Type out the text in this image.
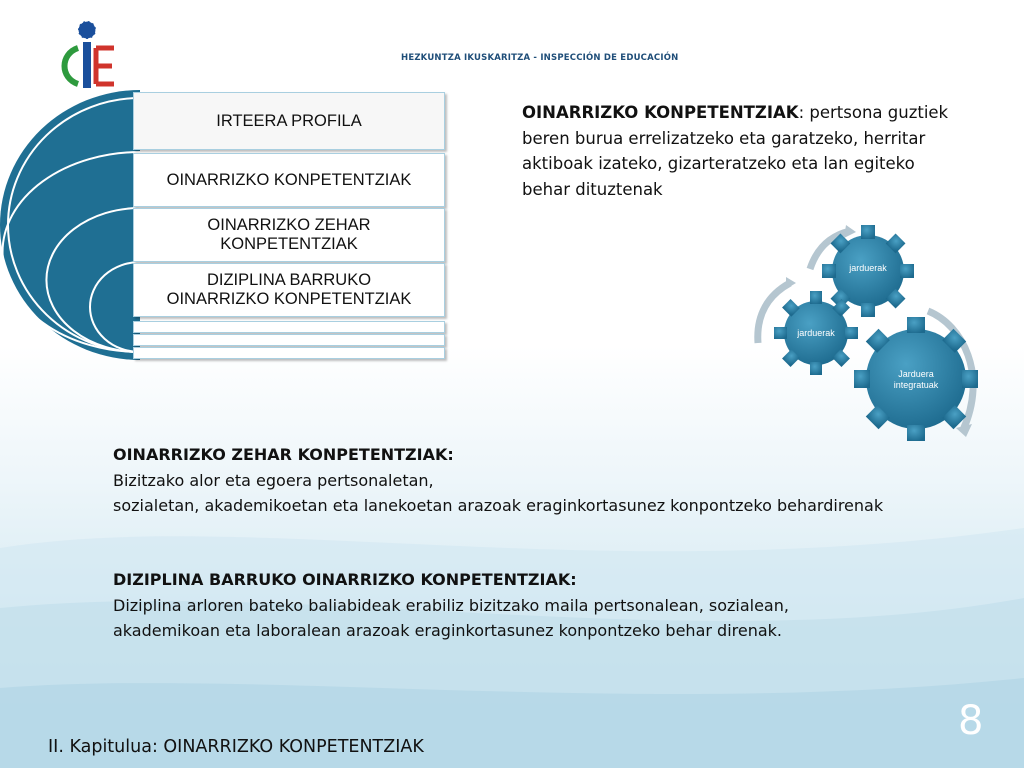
HEZKUNTZA IKUSKARITZA - INSPECCIÓN DE EDUCACIÓN
IRTEERA PROFILA
OINARRIZKO KONPETENTZIAK
OINARRIZKO ZEHAR
KONPETENTZIAK
DIZIPLINA BARRUKO
OINARRIZKO KONPETENTZIAK
OINARRIZKO KONPETENTZIAK: pertsona guztiek
beren burua errelizatzeko eta garatzeko, herritar
aktiboak izateko, gizarteratzeko eta lan egiteko
behar dituztenak
jarduerak
jarduerak
Jarduera
integratuak
OINARRIZKO ZEHAR KONPETENTZIAK:
Bizitzako alor eta egoera pertsonaletan,
sozialetan, akademikoetan eta lanekoetan arazoak eraginkortasunez konpontzeko behardirenak
DIZIPLINA BARRUKO OINARRIZKO KONPETENTZIAK:
Diziplina arloren bateko baliabideak erabiliz bizitzako maila pertsonalean, sozialean,
akademikoan eta laboralean arazoak eraginkortasunez konpontzeko behar direnak.
II. Kapitulua: OINARRIZKO KONPETENTZIAK
8
